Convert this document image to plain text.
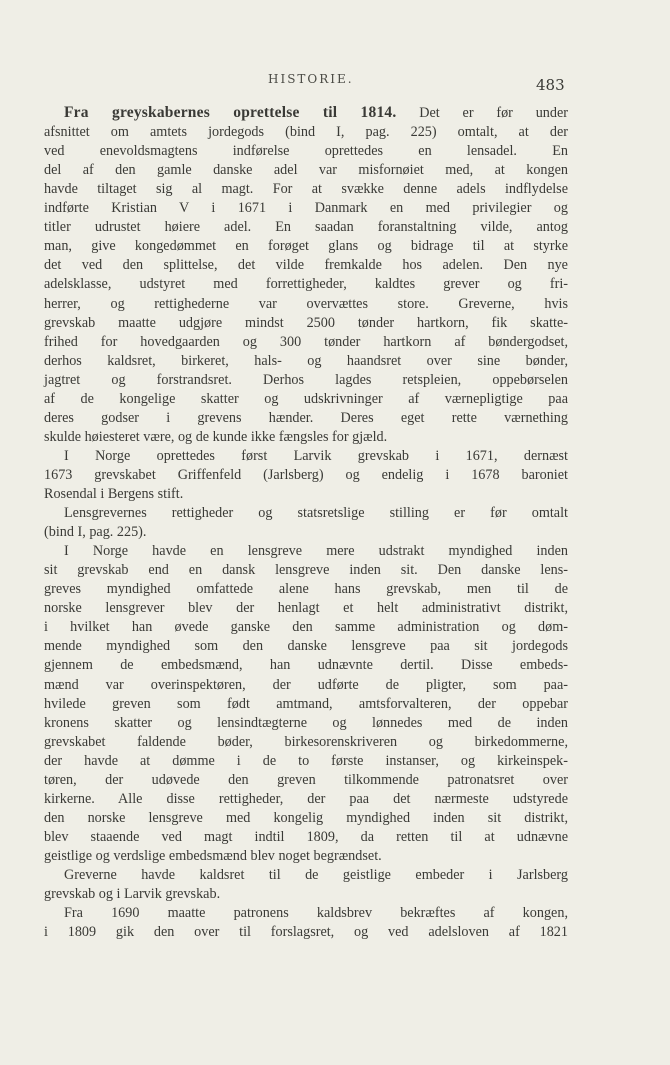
HISTORIE.	483
Fra greyskabernes oprettelse til 1814. Det er før under
afsnittet om amtets jordegods (bind I, pag. 225) omtalt, at der
ved enevoldsmagtens indførelse oprettedes en lensadel. En
del af den gamle danske adel var misfornøiet med, at kongen
havde tiltaget sig al magt. For at svække denne adels indflydelse
indførte Kristian V i 1671 i Danmark en med privilegier og
titler udrustet høiere adel. En saadan foranstaltning vilde, antog
man, give kongedømmet en forøget glans og bidrage til at styrke
det ved den splittelse, det vilde fremkalde hos adelen. Den nye
adelsklasse, udstyret med forrettigheder, kaldtes grever og fri-
herrer, og rettighederne var overvættes store. Greverne, hvis
grevskab maatte udgjøre mindst 2500 tønder hartkorn, fik skatte-
frihed for hovedgaarden og 300 tønder hartkorn af bøndergodset,
derhos kaldsret, birkeret, hals- og haandsret over sine bønder,
jagtret og forstrandsret. Derhos lagdes retspleien, oppebørselen
af de kongelige skatter og udskrivninger af værnepligtige paa
deres godser i grevens hænder. Deres eget rette værnething
skulde høiesteret være, og de kunde ikke fængsles for gjæld.
I Norge oprettedes først Larvik grevskab i 1671, dernæst
1673 grevskabet Griffenfeld (Jarlsberg) og endelig i 1678 baroniet
Rosendal i Bergens stift.
Lensgrevernes rettigheder og statsretslige stilling er før omtalt
(bind I, pag. 225).
I Norge havde en lensgreve mere udstrakt myndighed inden
sit grevskab end en dansk lensgreve inden sit. Den danske lens-
greves myndighed omfattede alene hans grevskab, men til de
norske lensgrever blev der henlagt et helt administrativt distrikt,
i hvilket han øvede ganske den samme administration og døm-
mende myndighed som den danske lensgreve paa sit jordegods
gjennem de embedsmænd, han udnævnte dertil. Disse embeds-
mænd var overinspektøren, der udførte de pligter, som paa-
hvilede greven som født amtmand, amtsforvalteren, der oppebar
kronens skatter og lensindtægterne og lønnedes med de inden
grevskabet faldende bøder, birkesorenskriveren og birkedommerne,
der havde at dømme i de to første instanser, og kirkeinspek-
tøren, der udøvede den greven tilkommende patronatsret over
kirkerne. Alle disse rettigheder, der paa det nærmeste udstyrede
den norske lensgreve med kongelig myndighed inden sit distrikt,
blev staaende ved magt indtil 1809, da retten til at udnævne
geistlige og verdslige embedsmænd blev noget begrændset.
Greverne havde kaldsret til de geistlige embeder i Jarlsberg
grevskab og i Larvik grevskab.
Fra 1690 maatte patronens kaldsbrev bekræftes af kongen,
i 1809 gik den over til forslagsret, og ved adelsloven af 1821
